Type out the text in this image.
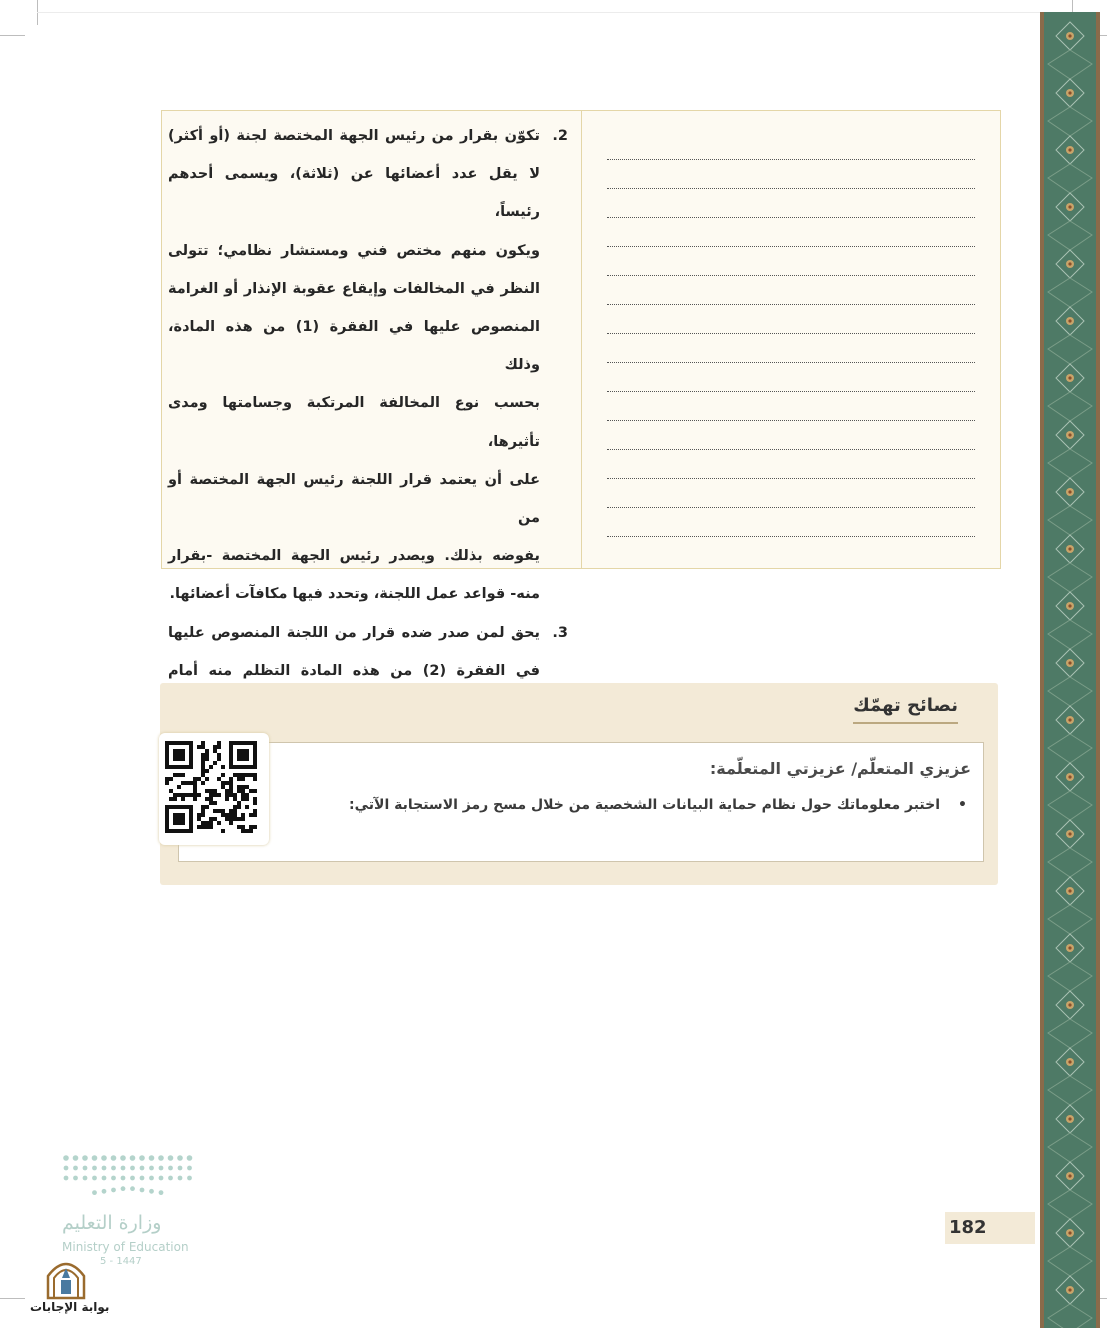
2.
تكوّن بقرار من رئيس الجهة المختصة لجنة (أو أكثر)
لا يقل عدد أعضائها عن (ثلاثة)، ويسمى أحدهم رئيساً،
ويكون منهم مختص فني ومستشار نظامي؛ تتولى
النظر في المخالفات وإيقاع عقوبة الإنذار أو الغرامة
المنصوص عليها في الفقرة (1) من هذه المادة، وذلك
بحسب نوع المخالفة المرتكبة وجسامتها ومدى تأثيرها،
على أن يعتمد قرار اللجنة رئيس الجهة المختصة أو من
يفوضه بذلك. ويصدر رئيس الجهة المختصة -بقرار
منه- قواعد عمل اللجنة، وتحدد فيها مكافآت أعضائها.
3.
يحق لمن صدر ضده قرار من اللجنة المنصوص عليها
في الفقرة (2) من هذه المادة التظلم منه أمام
نصائح تهمّك
عزيزي المتعلّم/ عزيزتي المتعلّمة:
•اختبر معلوماتك حول نظام حماية البيانات الشخصية من خلال مسح رمز الاستجابة الآتي:
182
وزارة التعليم
Ministry of Education
5 - 1447
بوابة الإجابات
